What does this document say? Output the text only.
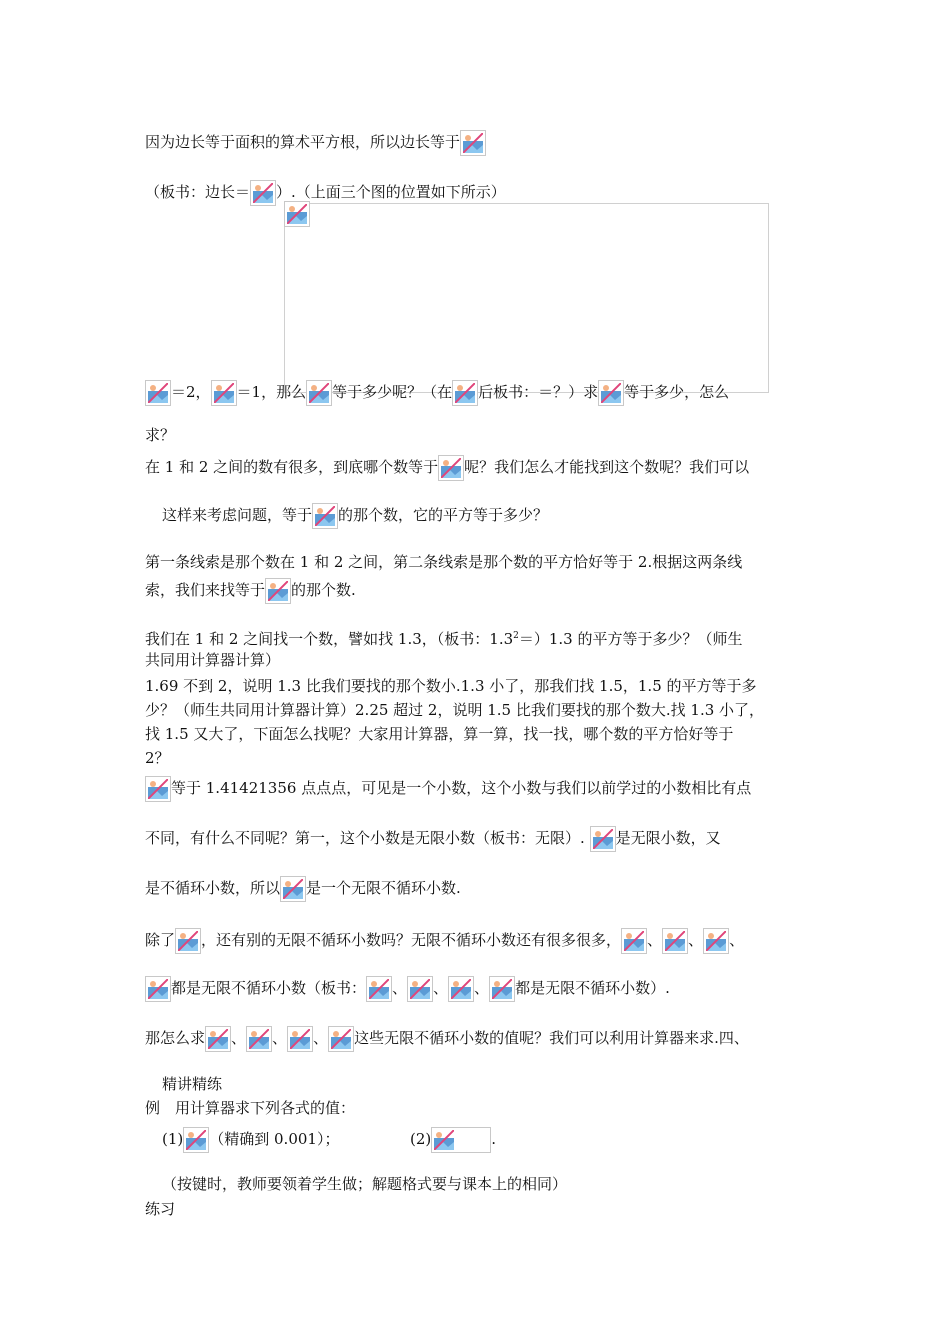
因为边长等于面积的算术平方根，所以边长等于
（板书：边长＝ ）.（上面三个图的位置如下所示）
＝2， ＝1，那么 等于多少呢？（在 后板书：＝？）求 等于多少，怎么
求？
在 1 和 2 之间的数有很多，到底哪个数等于 呢？我们怎么才能找到这个数呢？我们可以
这样来考虑问题，等于 的那个数，它的平方等于多少？
第一条线索是那个数在 1 和 2 之间，第二条线索是那个数的平方恰好等于 2.根据这两条线
索，我们来找等于 的那个数.
我们在 1 和 2 之间找一个数，譬如找 1.3，（板书：$1.3^2=)1.3$ 的平方等于多少？（师生
共同用计算器计算）
1.69 不到 2，说明 1.3 比我们要找的那个数小.1.3 小了，那我们找 1.5，1.5 的平方等于多
少？（师生共同用计算器计算）2.25 超过 2，说明 1.5 比我们要找的那个数大.找 1.3 小了，
找 1.5 又大了，下面怎么找呢？大家用计算器，算一算，找一找，哪个数的平方恰好等于
2？
等于 1.41421356 点点点，可见是一个小数，这个小数与我们以前学过的小数相比有点
不同，有什么不同呢？第一，这个小数是无限小数（板书：无限）. 是无限小数，又
是不循环小数，所以 是一个无限不循环小数.
除了 ，还有别的无限不循环小数吗？无限不循环小数还有很多很多， 、 、 、
都是无限不循环小数（板书： 、 、 、 都是无限不循环小数）.
那怎么求 、 、 、 这些无限不循环小数的值呢？我们可以利用计算器来求.四、
精讲精练
例　用计算器求下列各式的值：
(1) （精确到 0.001）；	(2)	.
（按键时，教师要领着学生做；解题格式要与课本上的相同）
练习
